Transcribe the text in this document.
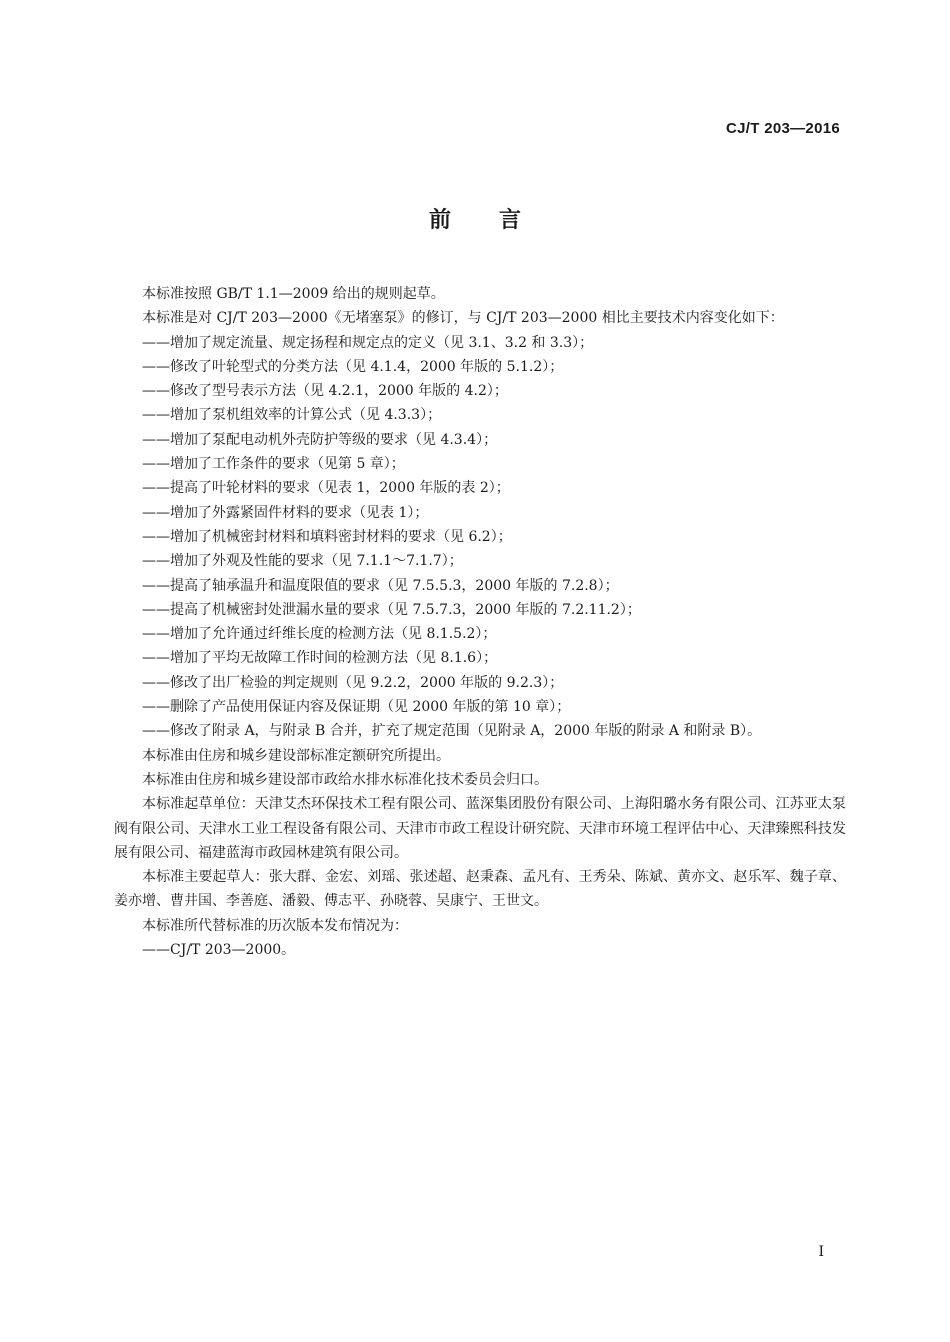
CJ/T 203—2016
前言

本标准按照 GB/T 1.1—2009 给出的规则起草。

本标准是对 CJ/T 203—2000《无堵塞泵》的修订，与 CJ/T 203—2000 相比主要技术内容变化如下：

——增加了规定流量、规定扬程和规定点的定义（见 3.1、3.2 和 3.3）；

——修改了叶轮型式的分类方法（见 4.1.4，2000 年版的 5.1.2）；

——修改了型号表示方法（见 4.2.1，2000 年版的 4.2）；

——增加了泵机组效率的计算公式（见 4.3.3）；

——增加了泵配电动机外壳防护等级的要求（见 4.3.4）；

——增加了工作条件的要求（见第 5 章）；

——提高了叶轮材料的要求（见表 1，2000 年版的表 2）；

——增加了外露紧固件材料的要求（见表 1）；

——增加了机械密封材料和填料密封材料的要求（见 6.2）；

——增加了外观及性能的要求（见 7.1.1～7.1.7）；

——提高了轴承温升和温度限值的要求（见 7.5.5.3，2000 年版的 7.2.8）；

——提高了机械密封处泄漏水量的要求（见 7.5.7.3，2000 年版的 7.2.11.2）；

——增加了允许通过纤维长度的检测方法（见 8.1.5.2）；

——增加了平均无故障工作时间的检测方法（见 8.1.6）；

——修改了出厂检验的判定规则（见 9.2.2，2000 年版的 9.2.3）；

——删除了产品使用保证内容及保证期（见 2000 年版的第 10 章）；

——修改了附录 A，与附录 B 合并，扩充了规定范围（见附录 A，2000 年版的附录 A 和附录 B）。

本标准由住房和城乡建设部标准定额研究所提出。

本标准由住房和城乡建设部市政给水排水标准化技术委员会归口。

本标准起草单位：天津艾杰环保技术工程有限公司、蓝深集团股份有限公司、上海阳璐水务有限公司、江苏亚太泵阀有限公司、天津水工业工程设备有限公司、天津市市政工程设计研究院、天津市环境工程评估中心、天津臻熙科技发展有限公司、福建蓝海市政园林建筑有限公司。

本标准主要起草人：张大群、金宏、刘瑶、张述超、赵秉森、孟凡有、王秀朵、陈斌、黄亦文、赵乐军、魏子章、姜亦增、曹井国、李善庭、潘毅、傅志平、孙晓蓉、吴康宁、王世文。

本标准所代替标准的历次版本发布情况为：

——CJ/T 203—2000。

I
